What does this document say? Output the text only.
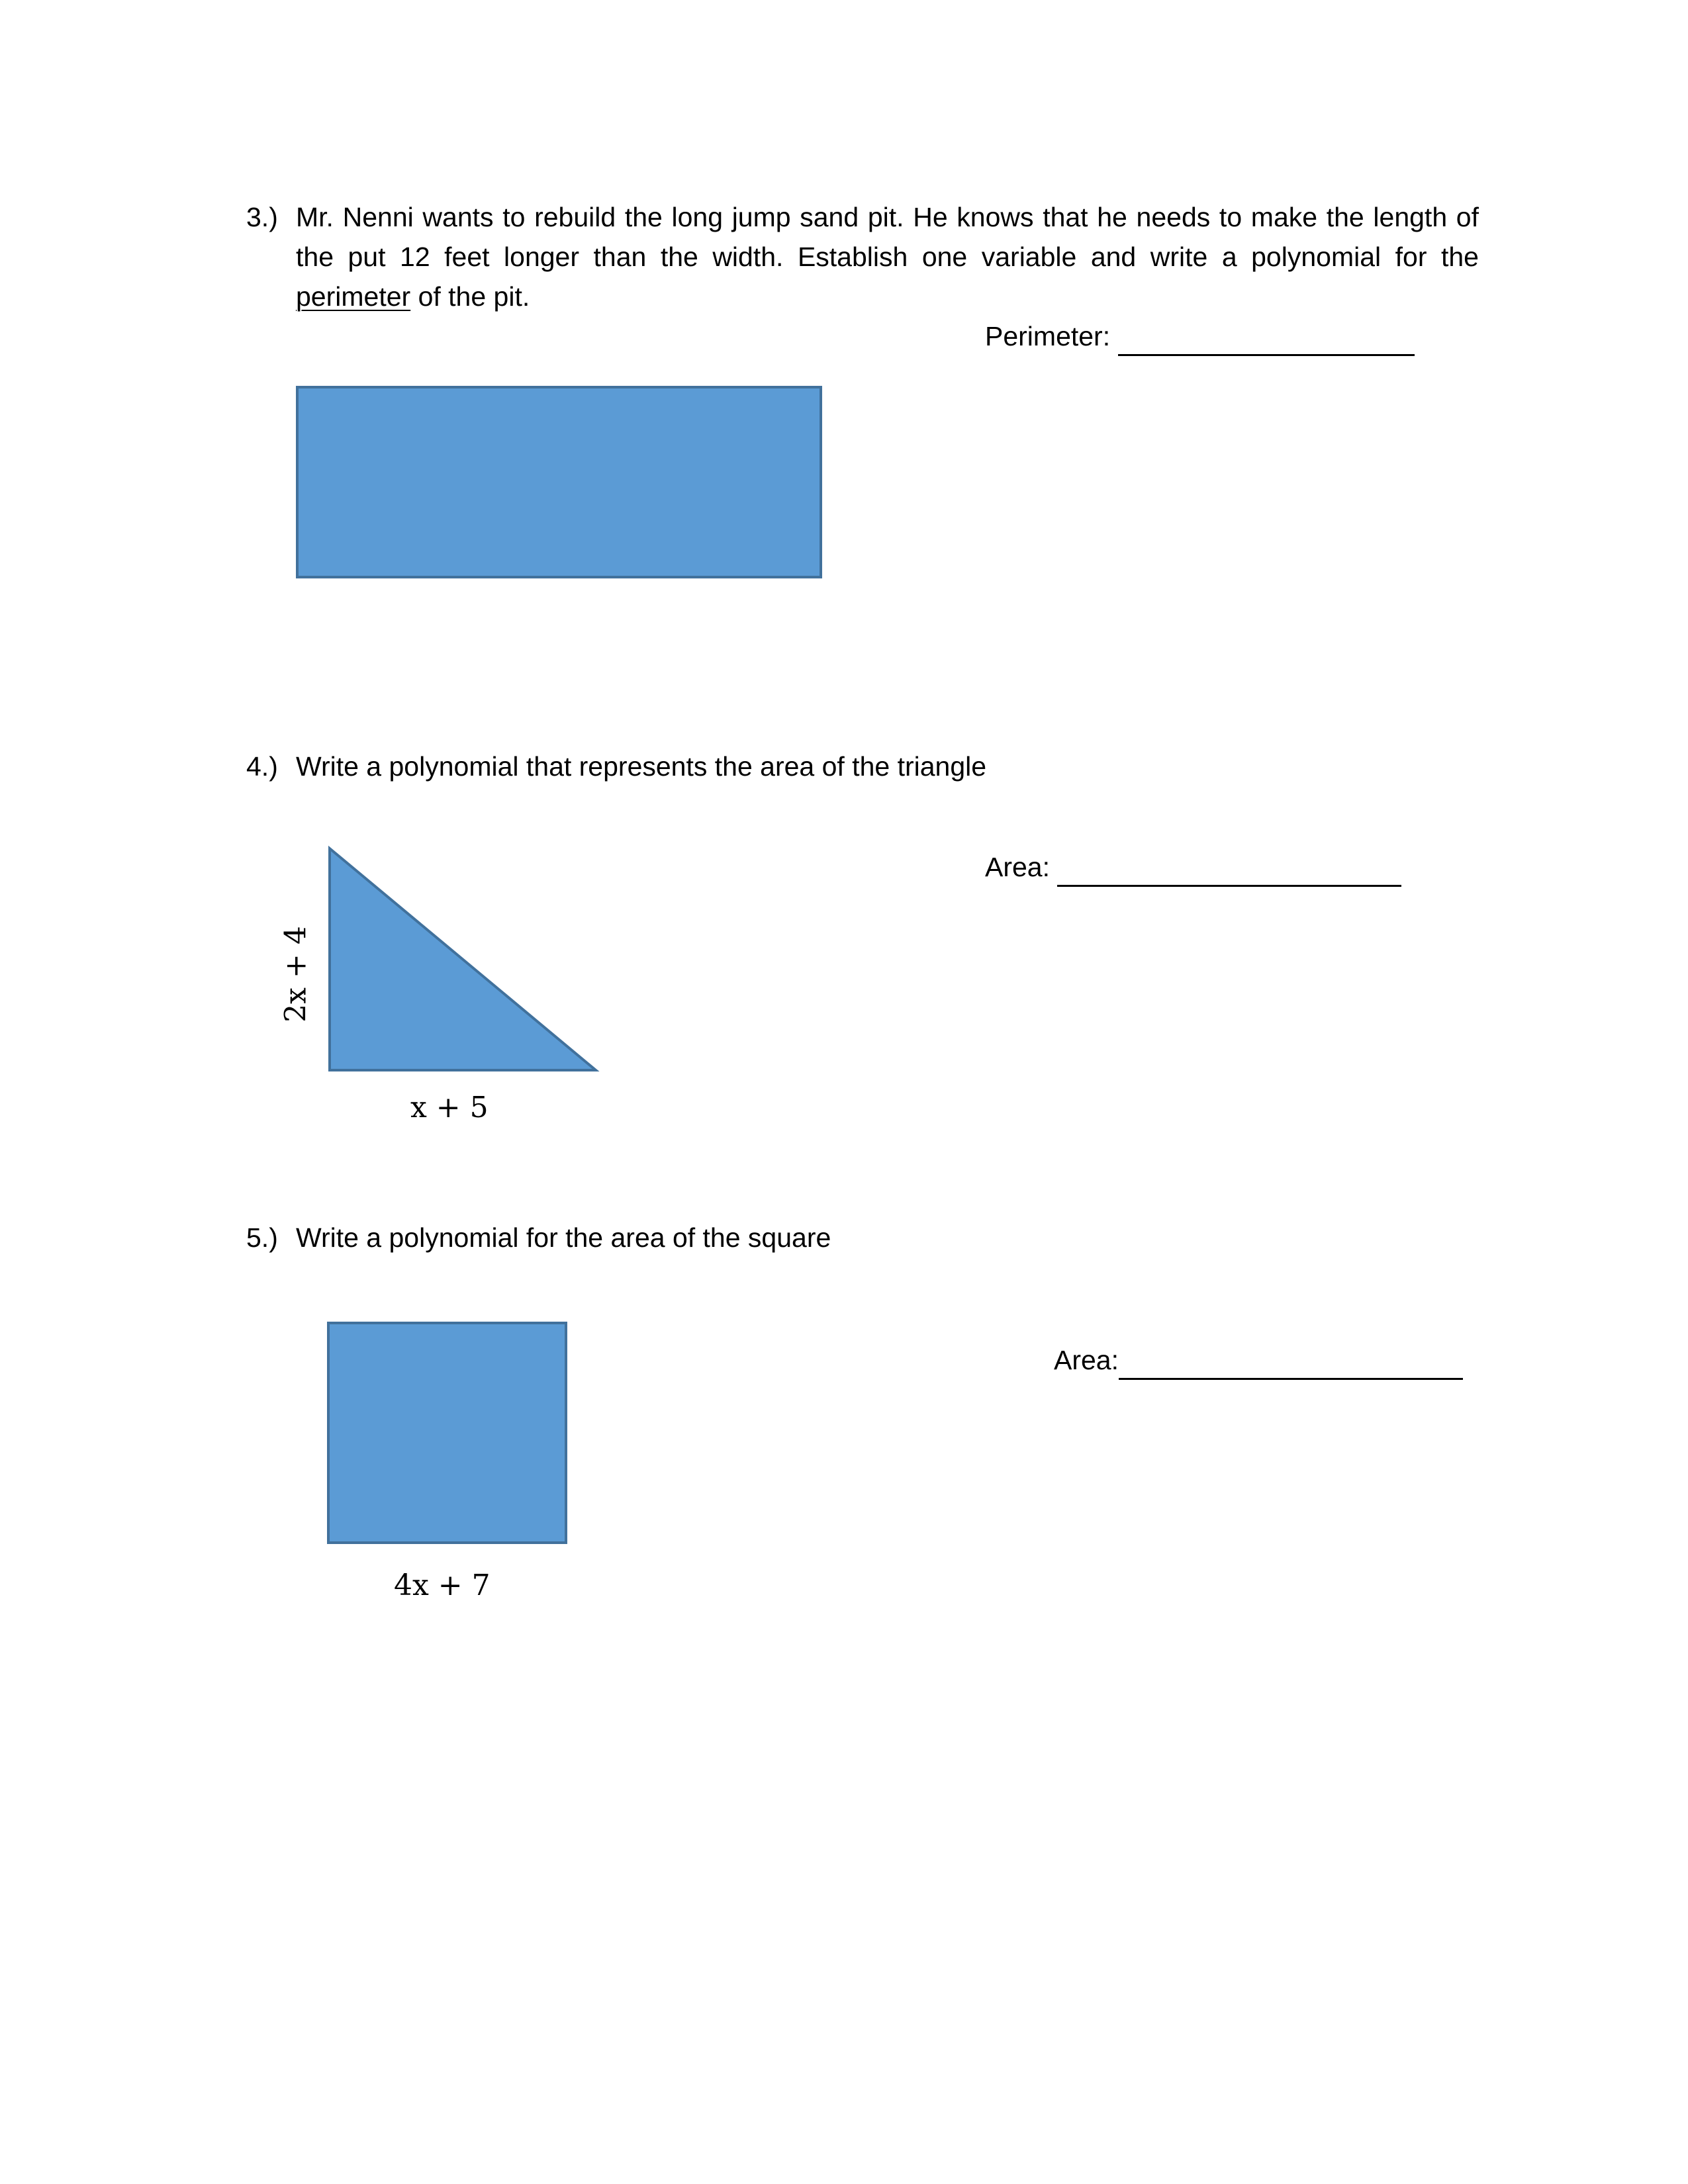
3.) Mr. Nenni wants to rebuild the long jump sand pit. He knows that he needs to make the length of
the put 12 feet longer than the width. Establish one variable and write a polynomial for the
perimeter of the pit.
Perimeter:
4.) Write a polynomial that represents the area of the triangle
Area:
5.) Write a polynomial for the area of the square
Area:
2x + 4
x + 5
4x + 7
